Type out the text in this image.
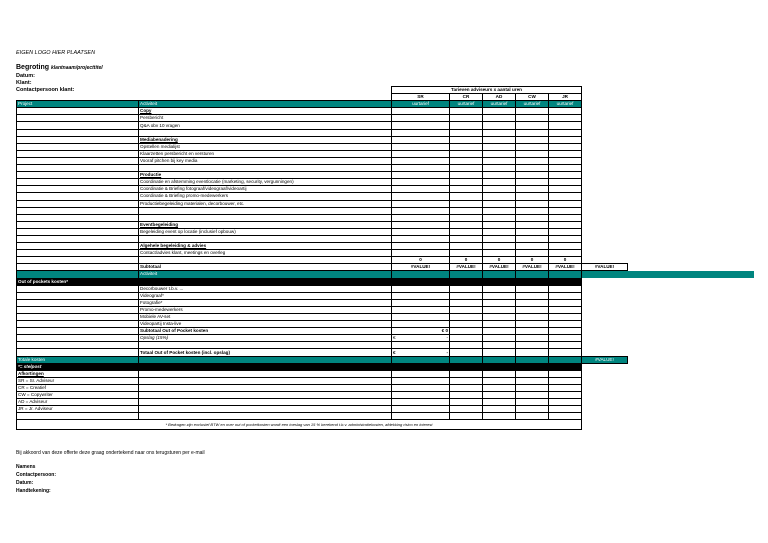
EIGEN LOGO HIER PLAATSEN
Begroting klantnaam/projecttitel
Datum:
Klant:
Contactpersoon klant:
			Tarieven adviseurs x aantal uren						
		SR	CR	AD	CW	JR		
Project	Activiteit	uurtarief	uurtarief	uurtarief	uurtarief	uurtarief		
	Copy							
	Persbericht							
	Q&A obv 10 vragen							

	Mediabenadering							
	Opstellen medialijst							
	Klaarzetten persbericht en versturen							
	Vooraf pitchen bij key media							

	Productie							
	Coordinatie en afstemming eventlocatie (marketing, security, vergunningen)							
	Coordinatie & Briefing fotograaf/videograaf/videoartij							
	Coordinatie & Briefing promo-medewerkers							
	Productiebegeleiding materialen, decorbouwer, etc.							

	Eventbegeleiding							
	Begeleiding event op locatie (inclusief opbouw)							

	Algehele begeleiding & advies							
	Contact/advies klant, meetings en overleg							
		0	0	0	0	0		
	Subtotaal	#VALUE!	#VALUE!	#VALUE!	#VALUE!	#VALUE!	#VALUE!	
	Activiteit							
Out of pockets kosten*								
	Decorbouwer t.b.v. ...							
	Videograaf*							
	Fotografie*							
	Promo-medewerkers							
	Mobiele AV-set							
	Videopartij Insta-live							
	Subtotaal Out of Pocket kosten	€ 0						
	Opslag (15%)	€ -						

	Totaal Out of Pocket kosten (incl. opslag)	€ -						

Totale kosten							#VALUE!	
*= stelpost								
Afkortingen								
SR = Sr. Adviseur								
CR = Creatief								
CW = Copywriter								
AD = Adviseur								
JR = Jr. Adviseur								

* Bedragen zijn exclusief BTW en over out of pocketkosten wordt een toeslag van 15 % berekend t.b.v. administratiekosten, afdekking risico en interest								
Bij akkoord van deze offerte deze graag ondertekend naar ons terugsturen per e-mail
Namens
Contactpersoon:
Datum:
Handtekening:
